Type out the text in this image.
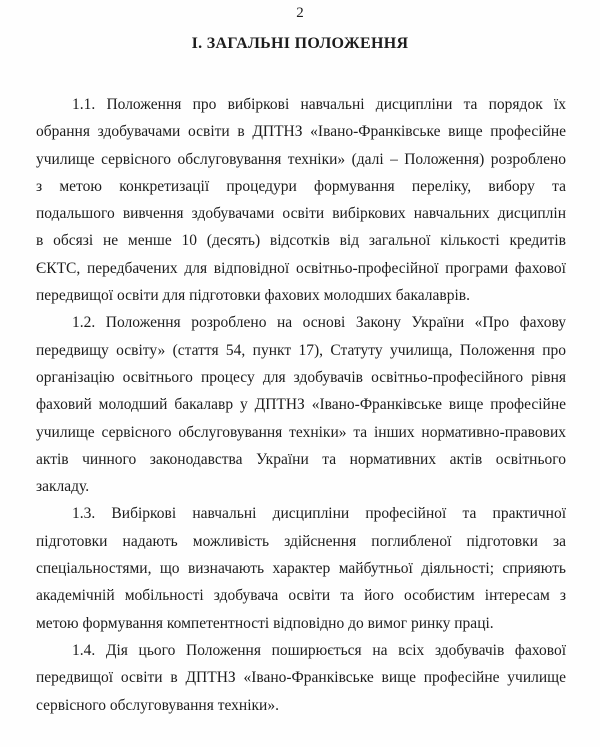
2
І. ЗАГАЛЬНІ ПОЛОЖЕННЯ
1.1. Положення про вибіркові навчальні дисципліни та порядок їх
обрання здобувачами освіти в ДПТНЗ «Івано-Франківське вище професійне
училище сервісного обслуговування техніки» (далі – Положення) розроблено
з метою конкретизації процедури формування переліку, вибору та
подальшого вивчення здобувачами освіти вибіркових навчальних дисциплін
в обсязі не менше 10 (десять) відсотків від загальної кількості кредитів
ЄКТС, передбачених для відповідної освітньо-професійної програми фахової
передвищої освіти для підготовки фахових молодших бакалаврів.
1.2. Положення розроблено на основі Закону України «Про фахову
передвищу освіту» (стаття 54, пункт 17), Статуту училища, Положення про
організацію освітнього процесу для здобувачів освітньо-професійного рівня
фаховий молодший бакалавр у ДПТНЗ «Івано-Франківське вище професійне
училище сервісного обслуговування техніки» та інших нормативно-правових
актів чинного законодавства України та нормативних актів освітнього
закладу.
1.3. Вибіркові навчальні дисципліни професійної та практичної
підготовки надають можливість здійснення поглибленої підготовки за
спеціальностями, що визначають характер майбутньої діяльності; сприяють
академічній мобільності здобувача освіти та його особистим інтересам з
метою формування компетентності відповідно до вимог ринку праці.
1.4. Дія цього Положення поширюється на всіх здобувачів фахової
передвищої освіти в ДПТНЗ «Івано-Франківське вище професійне училище
сервісного обслуговування техніки».
